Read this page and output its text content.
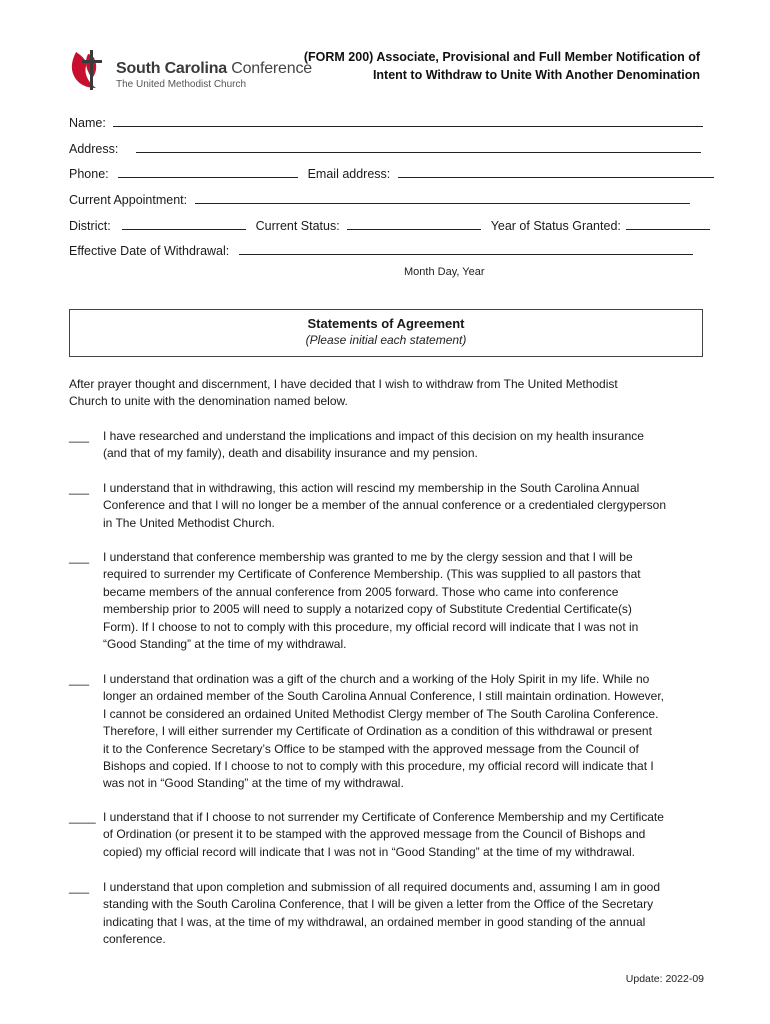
South Carolina Conference
The United Methodist Church
(FORM 200) Associate, Provisional and Full Member Notification of
Intent to Withdraw to Unite With Another Denomination
Name:
Address:
Phone:	Email address:
Current Appointment:
District:	Current Status:	Year of Status Granted:
Effective Date of Withdrawal:
Month Day, Year
Statements of Agreement
(Please initial each statement)
After prayer thought and discernment, I have decided that I wish to withdraw from The United Methodist
Church to unite with the denomination named below.
___ I have researched and understand the implications and impact of this decision on my health insurance
(and that of my family), death and disability insurance and my pension.
___ I understand that in withdrawing, this action will rescind my membership in the South Carolina Annual
Conference and that I will no longer be a member of the annual conference or a credentialed clergyperson
in The United Methodist Church.
___ I understand that conference membership was granted to me by the clergy session and that I will be
required to surrender my Certificate of Conference Membership. (This was supplied to all pastors that
became members of the annual conference from 2005 forward. Those who came into conference
membership prior to 2005 will need to supply a notarized copy of Substitute Credential Certificate(s)
Form). If I choose to not to comply with this procedure, my official record will indicate that I was not in
“Good Standing” at the time of my withdrawal.
___ I understand that ordination was a gift of the church and a working of the Holy Spirit in my life. While no
longer an ordained member of the South Carolina Annual Conference, I still maintain ordination. However,
I cannot be considered an ordained United Methodist Clergy member of The South Carolina Conference.
Therefore, I will either surrender my Certificate of Ordination as a condition of this withdrawal or present
it to the Conference Secretary’s Office to be stamped with the approved message from the Council of
Bishops and copied. If I choose to not to comply with this procedure, my official record will indicate that I
was not in “Good Standing” at the time of my withdrawal.
____ I understand that if I choose to not surrender my Certificate of Conference Membership and my Certificate
of Ordination (or present it to be stamped with the approved message from the Council of Bishops and
copied) my official record will indicate that I was not in “Good Standing” at the time of my withdrawal.
___ I understand that upon completion and submission of all required documents and, assuming I am in good
standing with the South Carolina Conference, that I will be given a letter from the Office of the Secretary
indicating that I was, at the time of my withdrawal, an ordained member in good standing of the annual
conference.
Update: 2022-09
